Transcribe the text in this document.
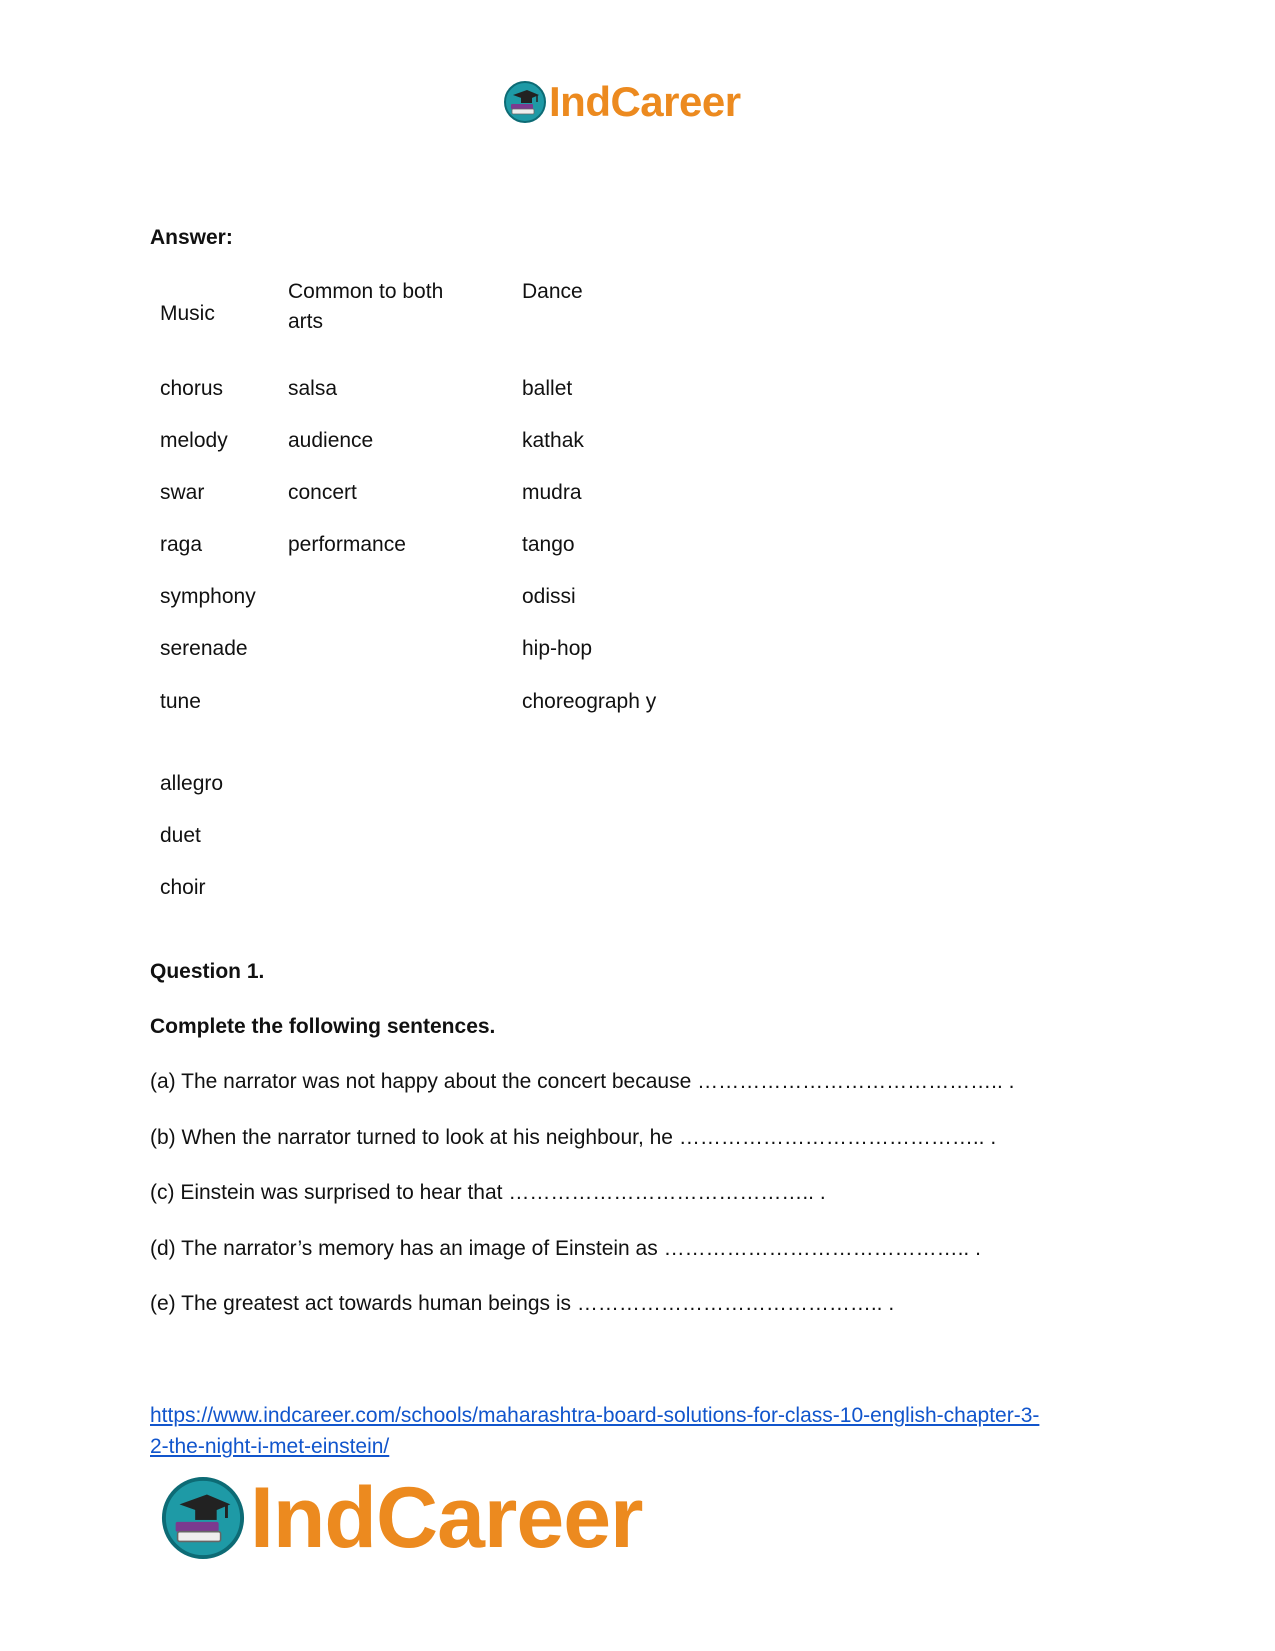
IndCareer
Answer:
Music
Common to both arts
Dance
chorus
melody
swar
raga
symphony
serenade
tune
allegro
duet
choir
salsa
audience
concert
performance
ballet
kathak
mudra
tango
odissi
hip-hop
choreograph y
Question 1.
Complete the following sentences.
(a) The narrator was not happy about the concert because …………………………………….. .
(b) When the narrator turned to look at his neighbour, he …………………………………….. .
(c) Einstein was surprised to hear that …………………………………….. .
(d) The narrator’s memory has an image of Einstein as …………………………………….. .
(e) The greatest act towards human beings is …………………………………….. .
https://www.indcareer.com/schools/maharashtra-board-solutions-for-class-10-english-chapter-3-
2-the-night-i-met-einstein/
IndCareer
